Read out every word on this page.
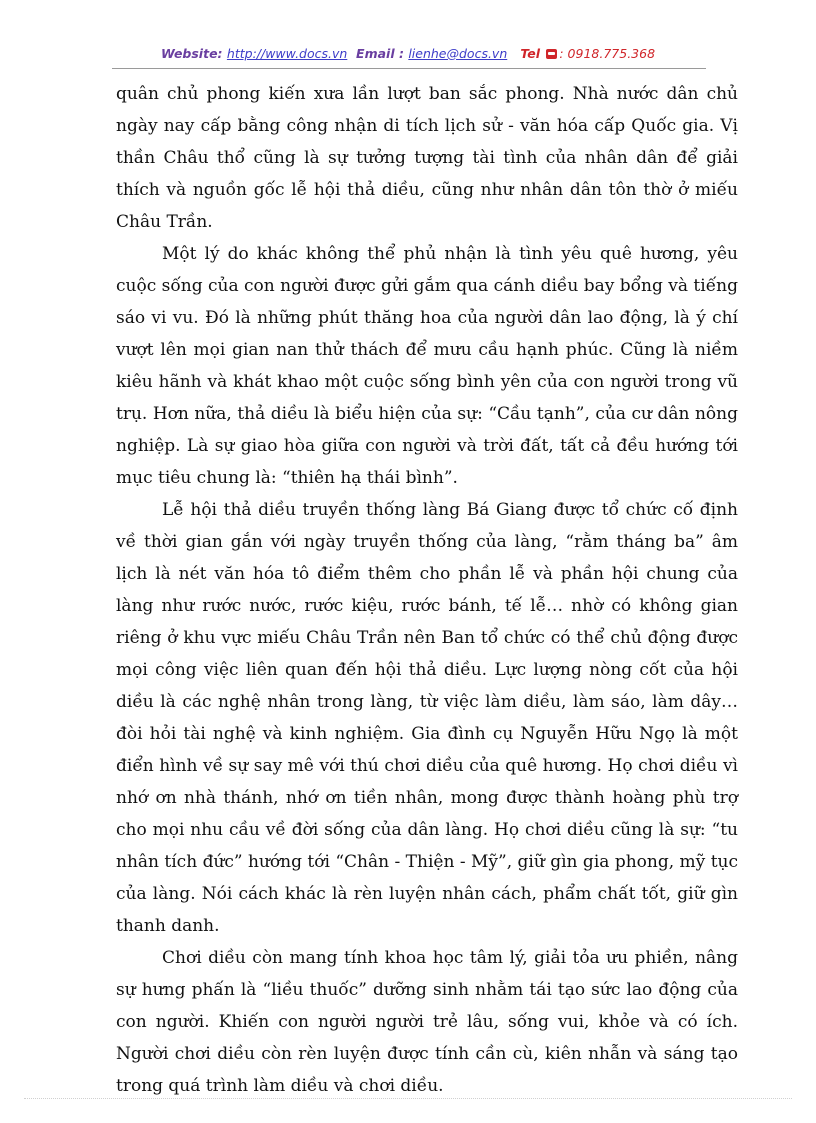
Website: http://www.docs.vn Email : lienhe@docs.vn Tel : 0918.775.368

quân chủ phong kiến xưa lần lượt ban sắc phong. Nhà nước dân chủ ngày nay cấp bằng công nhận di tích lịch sử - văn hóa cấp Quốc gia. Vị thần Châu thổ cũng là sự tưởng tượng tài tình của nhân dân để giải thích và nguồn gốc lễ hội thả diều, cũng như nhân dân tôn thờ ở miếu Châu Trần.

Một lý do khác không thể phủ nhận là tình yêu quê hương, yêu cuộc sống của con người được gửi gắm qua cánh diều bay bổng và tiếng sáo vi vu. Đó là những phút thăng hoa của người dân lao động, là ý chí vượt lên mọi gian nan thử thách để mưu cầu hạnh phúc. Cũng là niềm kiêu hãnh và khát khao một cuộc sống bình yên của con người trong vũ trụ. Hơn nữa, thả diều là biểu hiện của sự: “Cầu tạnh”, của cư dân nông nghiệp. Là sự giao hòa giữa con người và trời đất, tất cả đều hướng tới mục tiêu chung là: “thiên hạ thái bình”.

Lễ hội thả diều truyền thống làng Bá Giang được tổ chức cố định về thời gian gắn với ngày truyền thống của làng, “rằm tháng ba” âm lịch là nét văn hóa tô điểm thêm cho phần lễ và phần hội chung của làng như rước nước, rước kiệu, rước bánh, tế lễ… nhờ có không gian riêng ở khu vực miếu Châu Trần nên Ban tổ chức có thể chủ động được mọi công việc liên quan đến hội thả diều. Lực lượng nòng cốt của hội diều là các nghệ nhân trong làng, từ việc làm diều, làm sáo, làm dây… đòi hỏi tài nghệ và kinh nghiệm. Gia đình cụ Nguyễn Hữu Ngọ là một điển hình về sự say mê với thú chơi diều của quê hương. Họ chơi diều vì nhớ ơn nhà thánh, nhớ ơn tiền nhân, mong được thành hoàng phù trợ cho mọi nhu cầu về đời sống của dân làng. Họ chơi diều cũng là sự: “tu nhân tích đức” hướng tới “Chân - Thiện - Mỹ”, giữ gìn gia phong, mỹ tục của làng. Nói cách khác là rèn luyện nhân cách, phẩm chất tốt, giữ gìn thanh danh.

Chơi diều còn mang tính khoa học tâm lý, giải tỏa ưu phiền, nâng sự hưng phấn là “liều thuốc” dưỡng sinh nhằm tái tạo sức lao động của con người. Khiến con người người trẻ lâu, sống vui, khỏe và có ích. Người chơi diều còn rèn luyện được tính cần cù, kiên nhẫn và sáng tạo trong quá trình làm diều và chơi diều.
